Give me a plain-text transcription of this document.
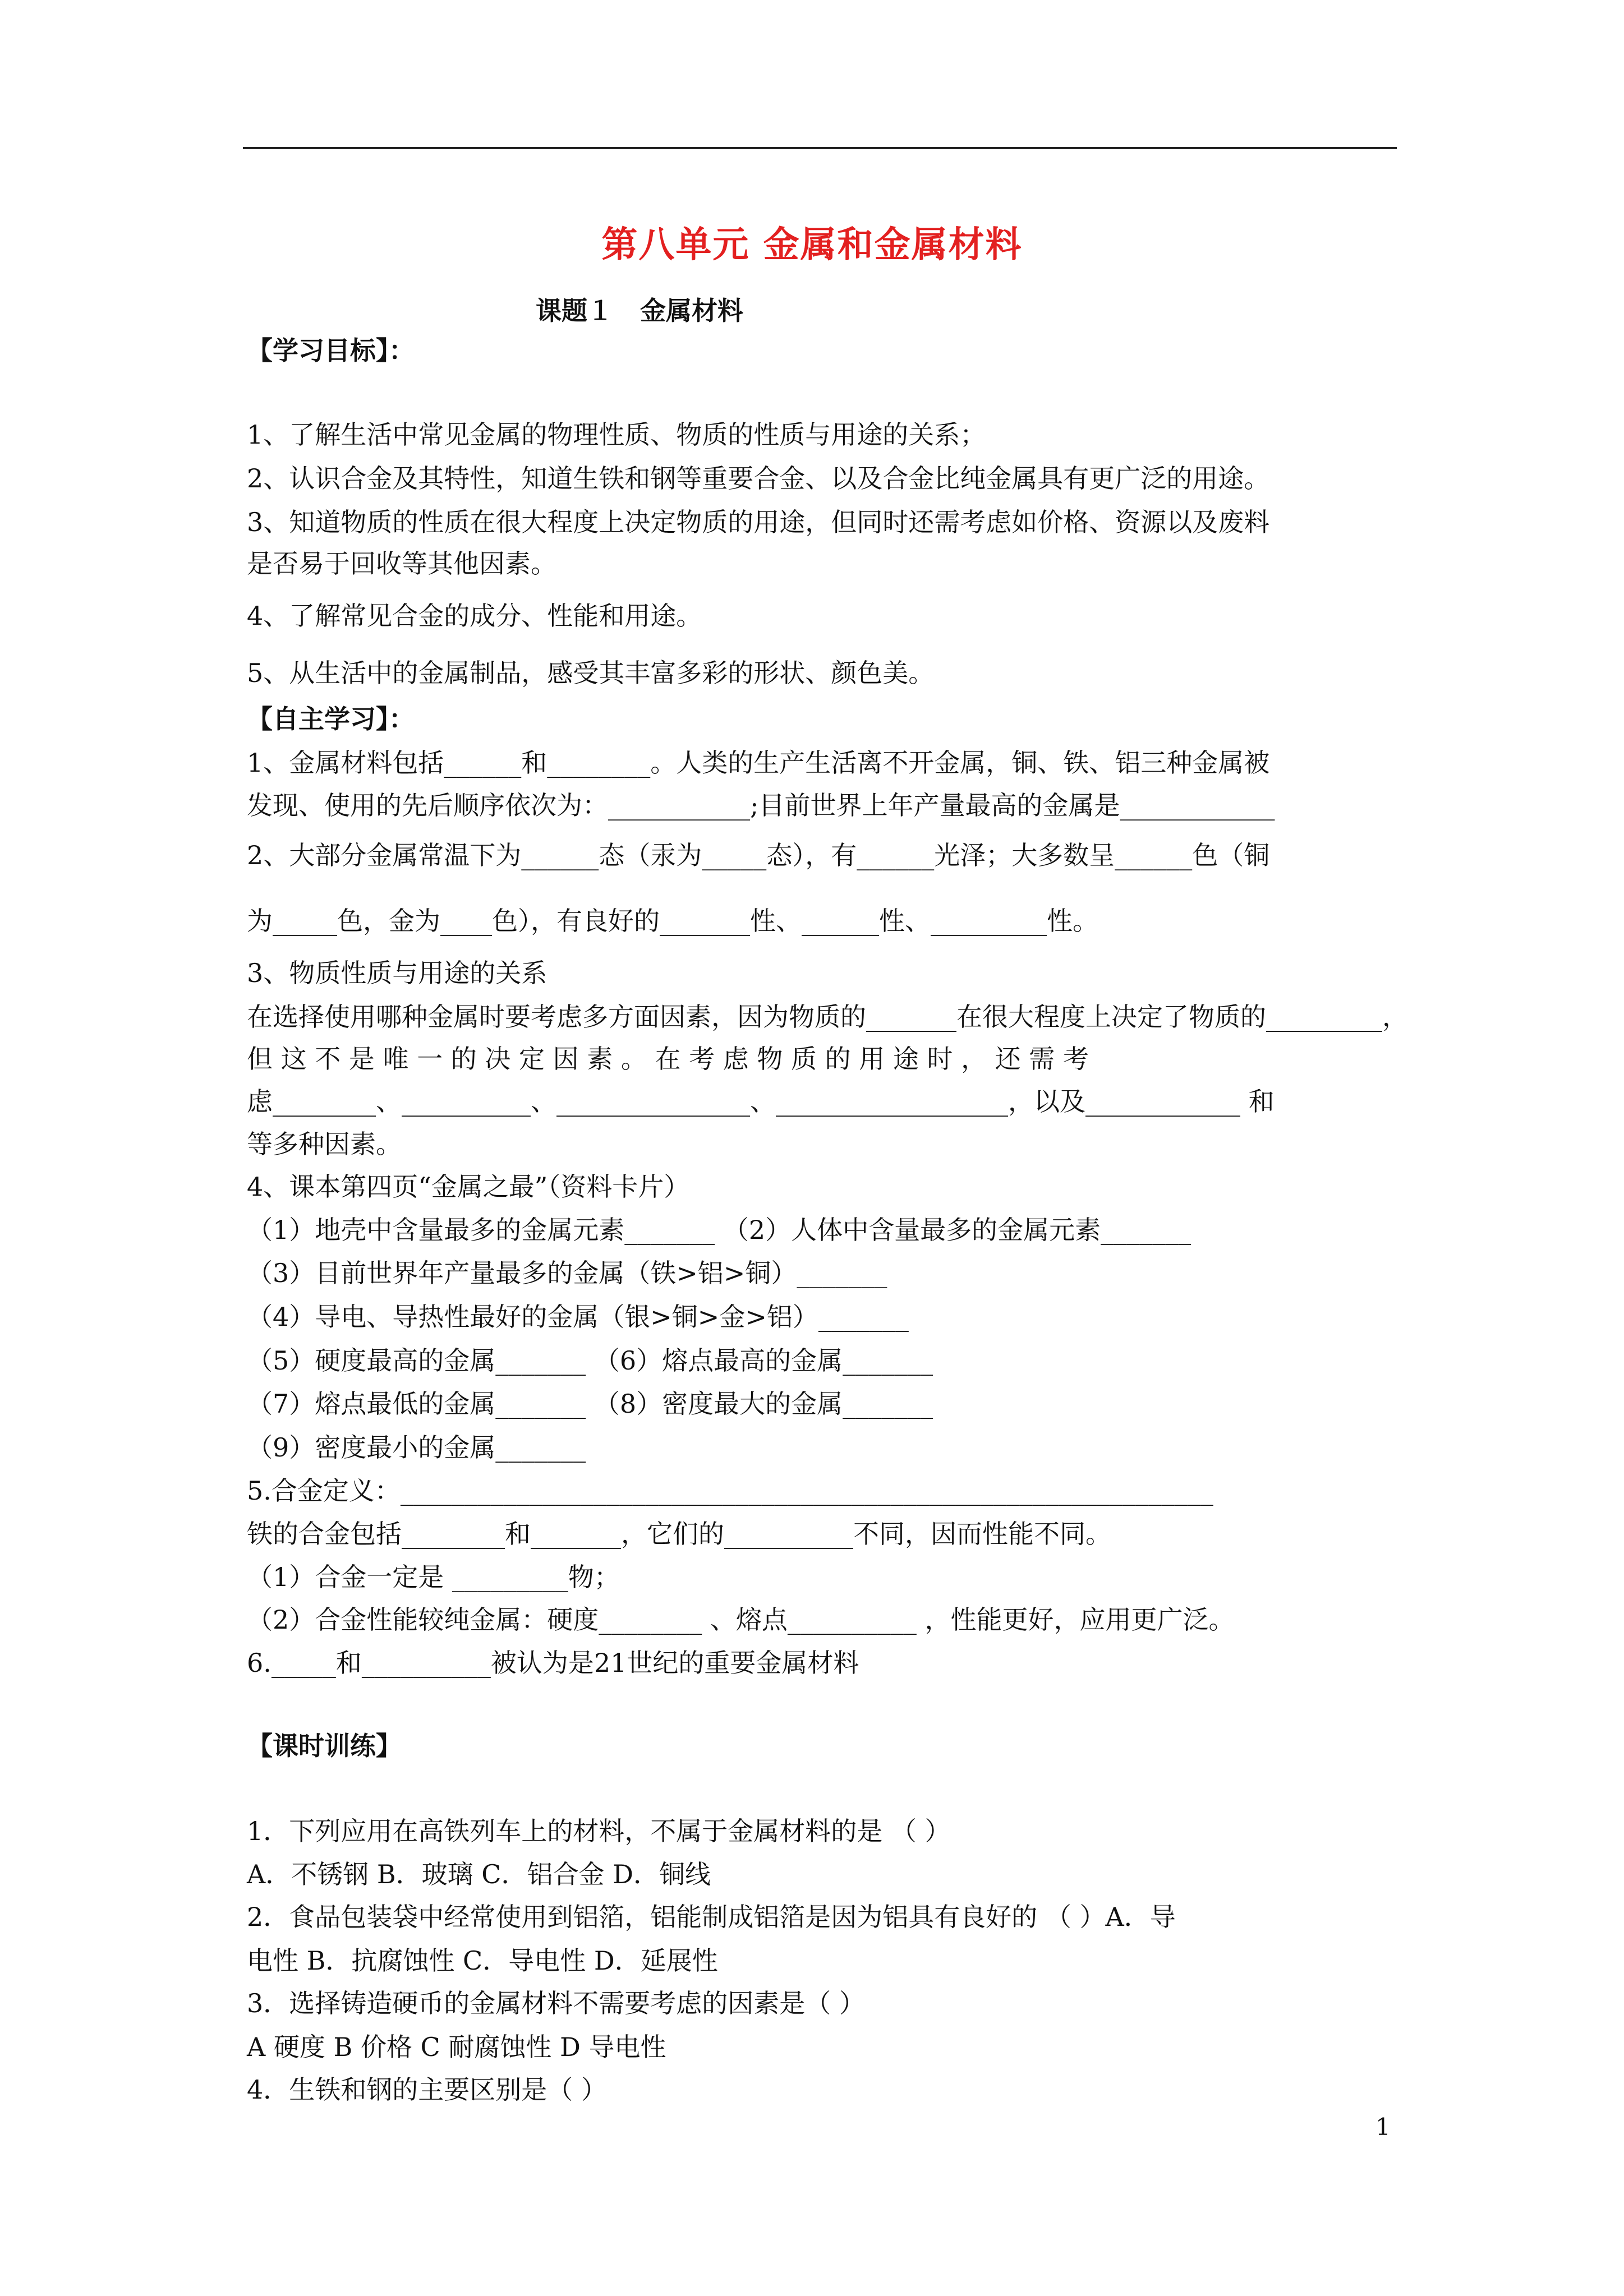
第八单元 金属和金属材料
课题１   金属材料
【学习目标】：
1、了解生活中常见金属的物理性质、物质的性质与用途的关系；
2、认识合金及其特性，知道生铁和钢等重要合金、以及合金比纯金属具有更广泛的用途。
3、知道物质的性质在很大程度上决定物质的用途，但同时还需考虑如价格、资源以及废料
是否易于回收等其他因素。
4、了解常见合金的成分、性能和用途。
5、从生活中的金属制品，感受其丰富多彩的形状、颜色美。
【自主学习】：
1、金属材料包括______和________。人类的生产生活离不开金属，铜、铁、铝三种金属被
发现、使用的先后顺序依次为：___________;目前世界上年产量最高的金属是____________
2、大部分金属常温下为______态（汞为_____态），有______光泽；大多数呈______色（铜
为_____色，金为____色），有良好的_______性、______性、_________性。
3、物质性质与用途的关系
在选择使用哪种金属时要考虑多方面因素，因为物质的_______在很大程度上决定了物质的_________，
但 这 不 是 唯 一 的 决 定 因 素 。 在 考 虑 物 质 的 用 途 时 ， 还 需 考
虑________、__________、_______________、__________________，以及____________ 和
等多种因素。
4、课本第四页“金属之最”（资料卡片）
（1）地壳中含量最多的金属元素_______ （2）人体中含量最多的金属元素_______
（3）目前世界年产量最多的金属（铁>铝>铜）_______
（4）导电、导热性最好的金属（银>铜>金>铝）_______
（5）硬度最高的金属_______ （6）熔点最高的金属_______
（7）熔点最低的金属_______ （8）密度最大的金属_______
（9）密度最小的金属_______
5.合金定义：_______________________________________________________________
铁的合金包括________和_______，它们的__________不同，因而性能不同。
（1）合金一定是 _________物；
（2）合金性能较纯金属：硬度________ 、熔点__________ ，性能更好，应用更广泛。
6._____和__________被认为是21世纪的重要金属材料
【课时训练】
1．下列应用在高铁列车上的材料，不属于金属材料的是 （ ）
A．不锈钢 B．玻璃 C．铝合金 D．铜线
2．食品包装袋中经常使用到铝箔，铝能制成铝箔是因为铝具有良好的 （ ）A．导
电性 B．抗腐蚀性 C．导电性 D．延展性
3．选择铸造硬币的金属材料不需要考虑的因素是（ ）
A 硬度 B 价格 C 耐腐蚀性 D 导电性
4．生铁和钢的主要区别是（ ）
1
